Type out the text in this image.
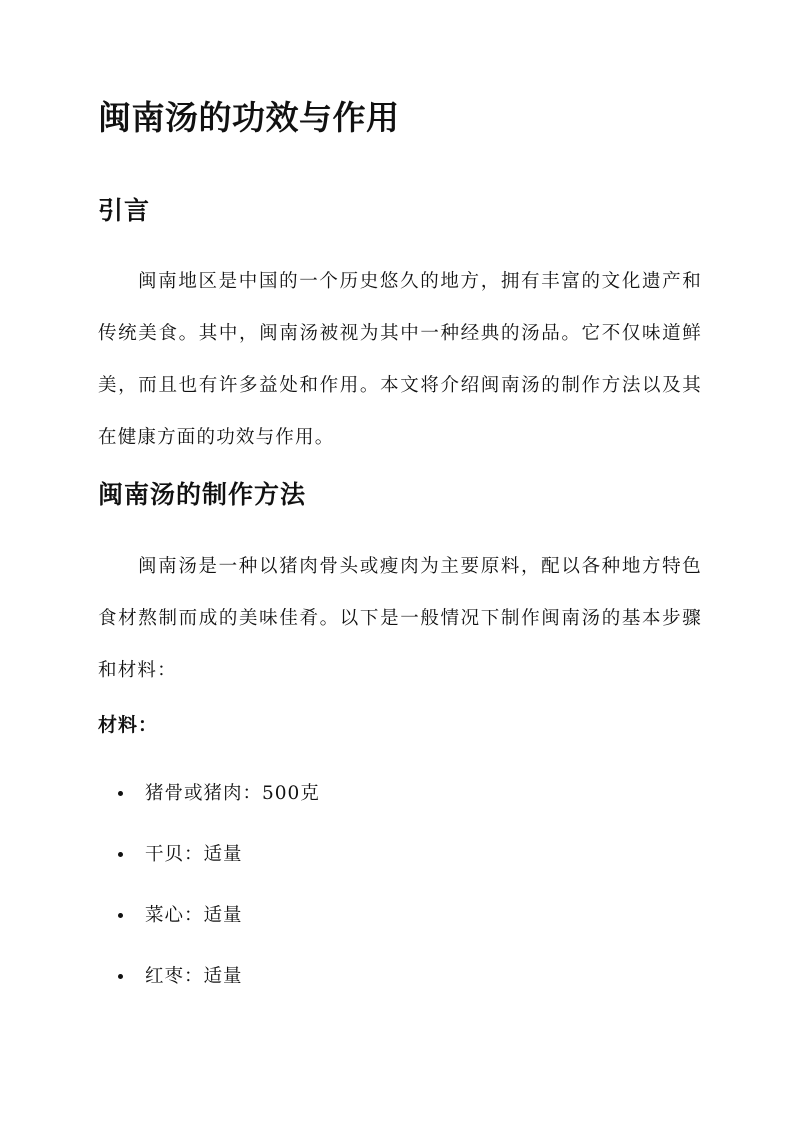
闽南汤的功效与作用
引言

闽南地区是中国的一个历史悠久的地方，拥有丰富的文化遗产和传统美食。其中，闽南汤被视为其中一种经典的汤品。它不仅味道鲜美，而且也有许多益处和作用。本文将介绍闽南汤的制作方法以及其在健康方面的功效与作用。

闽南汤的制作方法

闽南汤是一种以猪肉骨头或瘦肉为主要原料，配以各种地方特色食材熬制而成的美味佳肴。以下是一般情况下制作闽南汤的基本步骤和材料：

材料：
猪骨或猪肉：500克
干贝：适量
菜心：适量
红枣：适量
